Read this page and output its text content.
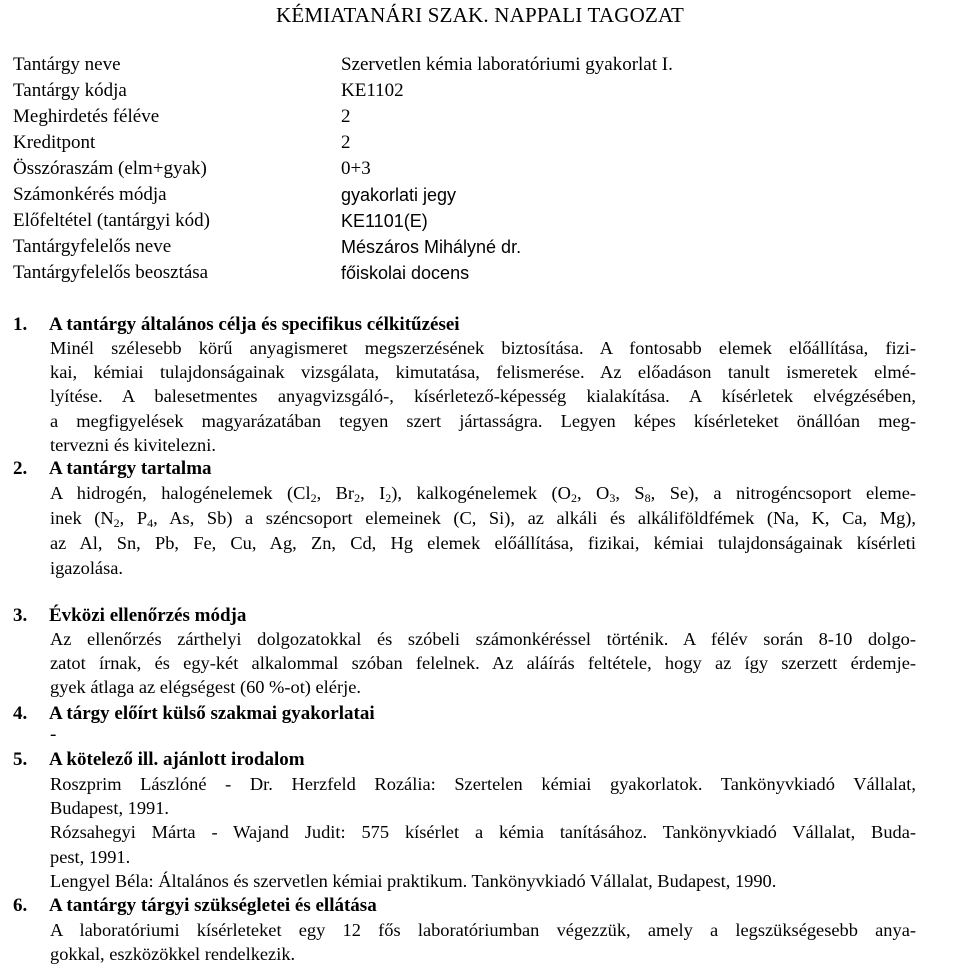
KÉMIATANÁRI SZAK. NAPPALI TAGOZAT
Tantárgy neve	Szervetlen kémia laboratóriumi gyakorlat I.
Tantárgy kódja	KE1102
Meghirdetés féléve	2
Kreditpont	2
Összóraszám (elm+gyak)	0+3
Számonkérés módja	gyakorlati jegy
Előfeltétel (tantárgyi kód)	KE1101(E)
Tantárgyfelelős neve	Mészáros Mihályné dr.
Tantárgyfelelős beosztása	főiskolai docens
1. A tantárgy általános célja és specifikus célkitűzései
Minél szélesebb körű anyagismeret megszerzésének biztosítása. A fontosabb elemek előállítása, fizi-
kai, kémiai tulajdonságainak vizsgálata, kimutatása, felismerése. Az előadáson tanult ismeretek elmé-
lyítése. A balesetmentes anyagvizsgáló-, kísérletező-képesség kialakítása. A kísérletek elvégzésében,
a megfigyelések magyarázatában tegyen szert jártasságra. Legyen képes kísérleteket önállóan meg-
tervezni és kivitelezni.
2. A tantárgy tartalma
A hidrogén, halogénelemek ($Cl_2$, $Br_2$, $I_2$), kalkogénelemek ($O_2$, $O_3$, $S_8$, Se), a nitrogéncsoport eleme-
inek ($N_2$, $P_4$, As, Sb) a széncsoport elemeinek (C, Si), az alkáli és alkáliföldfémek (Na, K, Ca, Mg),
az Al, Sn, Pb, Fe, Cu, Ag, Zn, Cd, Hg elemek előállítása, fizikai, kémiai tulajdonságainak kísérleti
igazolása.
3. Évközi ellenőrzés módja
Az ellenőrzés zárthelyi dolgozatokkal és szóbeli számonkéréssel történik. A félév során 8-10 dolgo-
zatot írnak, és egy-két alkalommal szóban felelnek. Az aláírás feltétele, hogy az így szerzett érdemje-
gyek átlaga az elégségest (60 %-ot) elérje.
4. A tárgy előírt külső szakmai gyakorlatai
-
5. A kötelező ill. ajánlott irodalom
Roszprim Lászlóné - Dr. Herzfeld Rozália: Szertelen kémiai gyakorlatok. Tankönyvkiadó Vállalat,
Budapest, 1991.
Rózsahegyi Márta - Wajand Judit: 575 kísérlet a kémia tanításához. Tankönyvkiadó Vállalat, Buda-
pest, 1991.
Lengyel Béla: Általános és szervetlen kémiai praktikum. Tankönyvkiadó Vállalat, Budapest, 1990.
6. A tantárgy tárgyi szükségletei és ellátása
A laboratóriumi kísérleteket egy 12 fős laboratóriumban végezzük, amely a legszükségesebb anya-
gokkal, eszközökkel rendelkezik.
